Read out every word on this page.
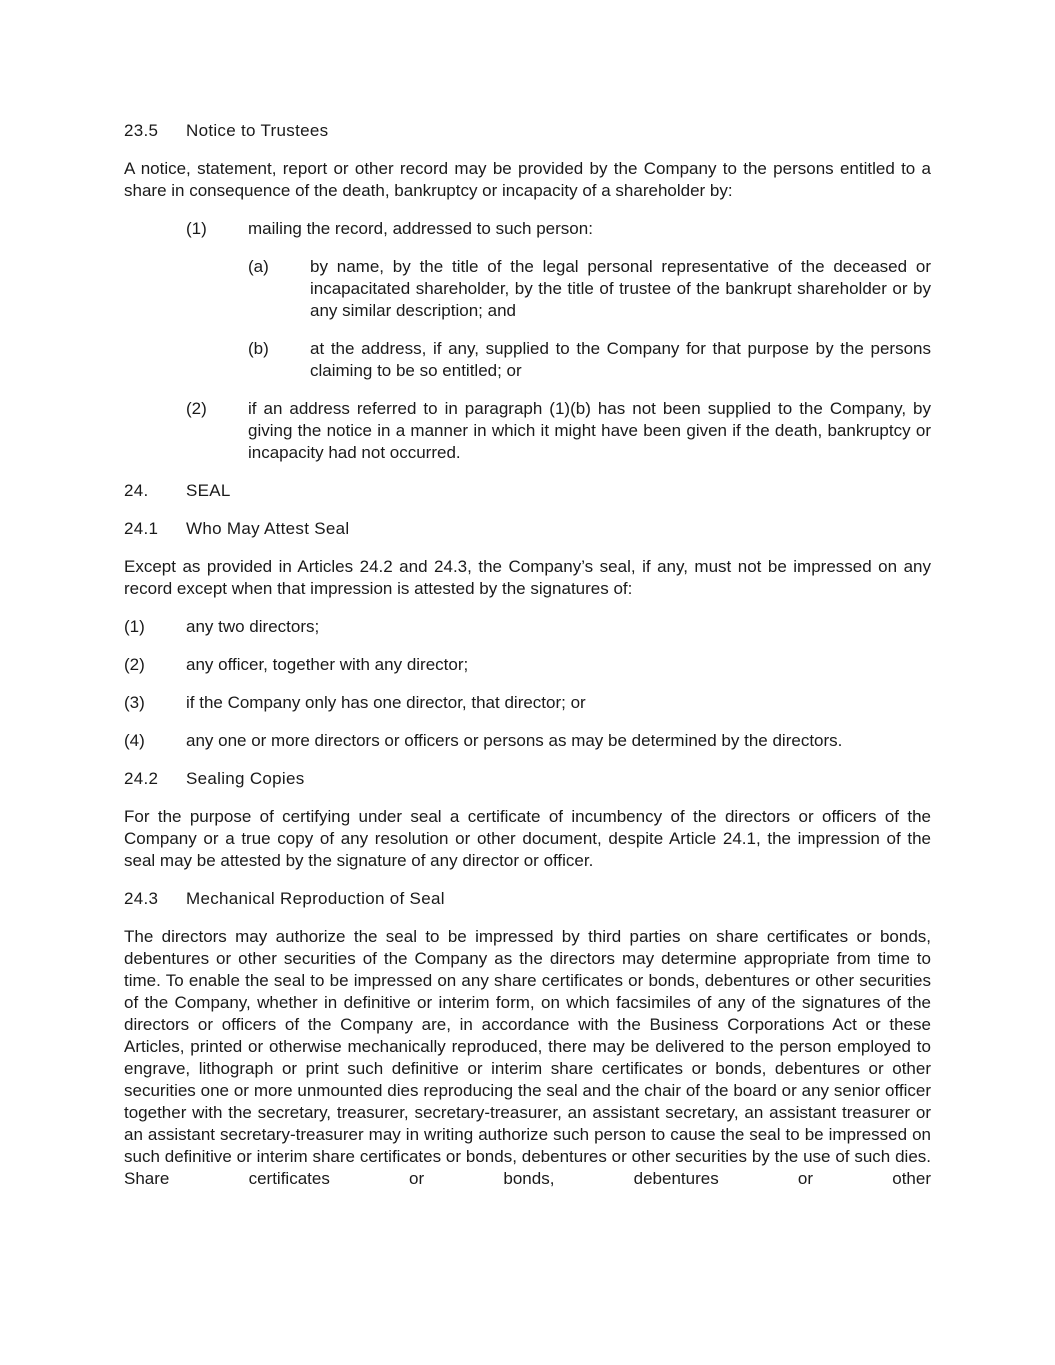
23.5	Notice to Trustees

A notice, statement, report or other record may be provided by the Company to the persons entitled to a share in consequence of the death, bankruptcy or incapacity of a shareholder by:

(1)	mailing the record, addressed to such person:
(a)	by name, by the title of the legal personal representative of the deceased or incapacitated shareholder, by the title of trustee of the bankrupt shareholder or by any similar description; and
(b)	at the address, if any, supplied to the Company for that purpose by the persons claiming to be so entitled; or
(2)	if an address referred to in paragraph (1)(b) has not been supplied to the Company, by giving the notice in a manner in which it might have been given if the death, bankruptcy or incapacity had not occurred.
24.	SEAL
24.1	Who May Attest Seal

Except as provided in Articles 24.2 and 24.3, the Company’s seal, if any, must not be impressed on any record except when that impression is attested by the signatures of:

(1)	any two directors;
(2)	any officer, together with any director;
(3)	if the Company only has one director, that director; or
(4)	any one or more directors or officers or persons as may be determined by the directors.
24.2	Sealing Copies

For the purpose of certifying under seal a certificate of incumbency of the directors or officers of the Company or a true copy of any resolution or other document, despite Article 24.1, the impression of the seal may be attested by the signature of any director or officer.

24.3	Mechanical Reproduction of Seal

The directors may authorize the seal to be impressed by third parties on share certificates or bonds, debentures or other securities of the Company as the directors may determine appropriate from time to time. To enable the seal to be impressed on any share certificates or bonds, debentures or other securities of the Company, whether in definitive or interim form, on which facsimiles of any of the signatures of the directors or officers of the Company are, in accordance with the Business Corporations Act or these Articles, printed or otherwise mechanically reproduced, there may be delivered to the person employed to engrave, lithograph or print such definitive or interim share certificates or bonds, debentures or other securities one or more unmounted dies reproducing the seal and the chair of the board or any senior officer together with the secretary, treasurer, secretary-treasurer, an assistant secretary, an assistant treasurer or an assistant secretary-treasurer may in writing authorize such person to cause the seal to be impressed on such definitive or interim share certificates or bonds, debentures or other securities by the use of such dies. Share certificates or bonds, debentures or other
